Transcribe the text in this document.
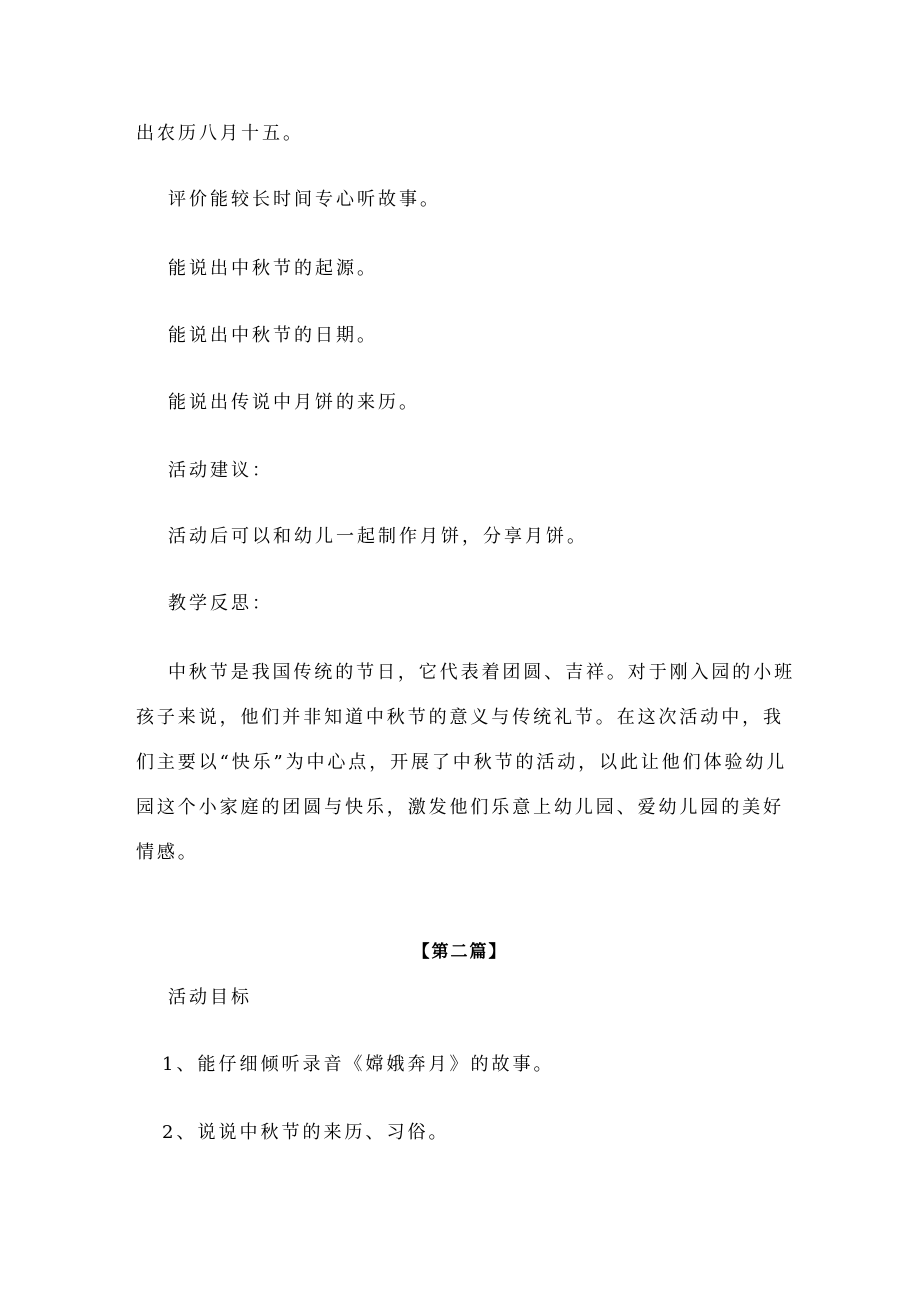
出农历八月十五。
评价能较长时间专心听故事。
能说出中秋节的起源。
能说出中秋节的日期。
能说出传说中月饼的来历。
活动建议：
活动后可以和幼儿一起制作月饼，分享月饼。
教学反思：
中秋节是我国传统的节日，它代表着团圆、吉祥。对于刚入园的小班孩子来说，他们并非知道中秋节的意义与传统礼节。在这次活动中，我们主要以“快乐”为中心点，开展了中秋节的活动，以此让他们体验幼儿园这个小家庭的团圆与快乐，激发他们乐意上幼儿园、爱幼儿园的美好情感。
【第二篇】
活动目标
1、能仔细倾听录音《嫦娥奔月》的故事。
2、说说中秋节的来历、习俗。
